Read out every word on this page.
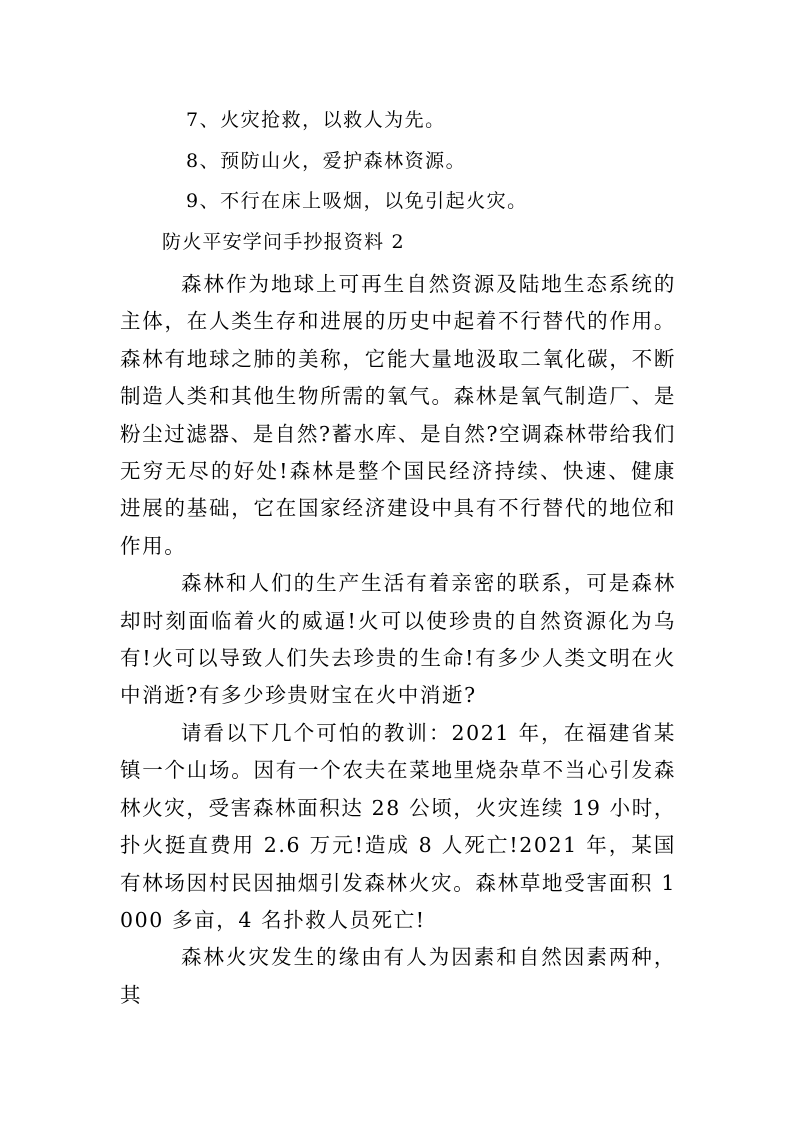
7、火灾抢救，以救人为先。
8、预防山火，爱护森林资源。
9、不行在床上吸烟，以免引起火灾。
防火平安学问手抄报资料 2

森林作为地球上可再生自然资源及陆地生态系统的主体，在人类生存和进展的历史中起着不行替代的作用。森林有地球之肺的美称，它能大量地汲取二氧化碳，不断制造人类和其他生物所需的氧气。森林是氧气制造厂、是粉尘过滤器、是自然?蓄水库、是自然?空调森林带给我们无穷无尽的好处!森林是整个国民经济持续、快速、健康进展的基础，它在国家经济建设中具有不行替代的地位和作用。

森林和人们的生产生活有着亲密的联系，可是森林却时刻面临着火的威逼!火可以使珍贵的自然资源化为乌有!火可以导致人们失去珍贵的生命!有多少人类文明在火中消逝?有多少珍贵财宝在火中消逝?

请看以下几个可怕的教训：2021 年，在福建省某镇一个山场。因有一个农夫在菜地里烧杂草不当心引发森林火灾，受害森林面积达 28 公顷，火灾连续 19 小时，扑火挺直费用 2.6 万元!造成 8 人死亡!2021 年，某国有林场因村民因抽烟引发森林火灾。森林草地受害面积 1000 多亩，4 名扑救人员死亡!

森林火灾发生的缘由有人为因素和自然因素两种，其
